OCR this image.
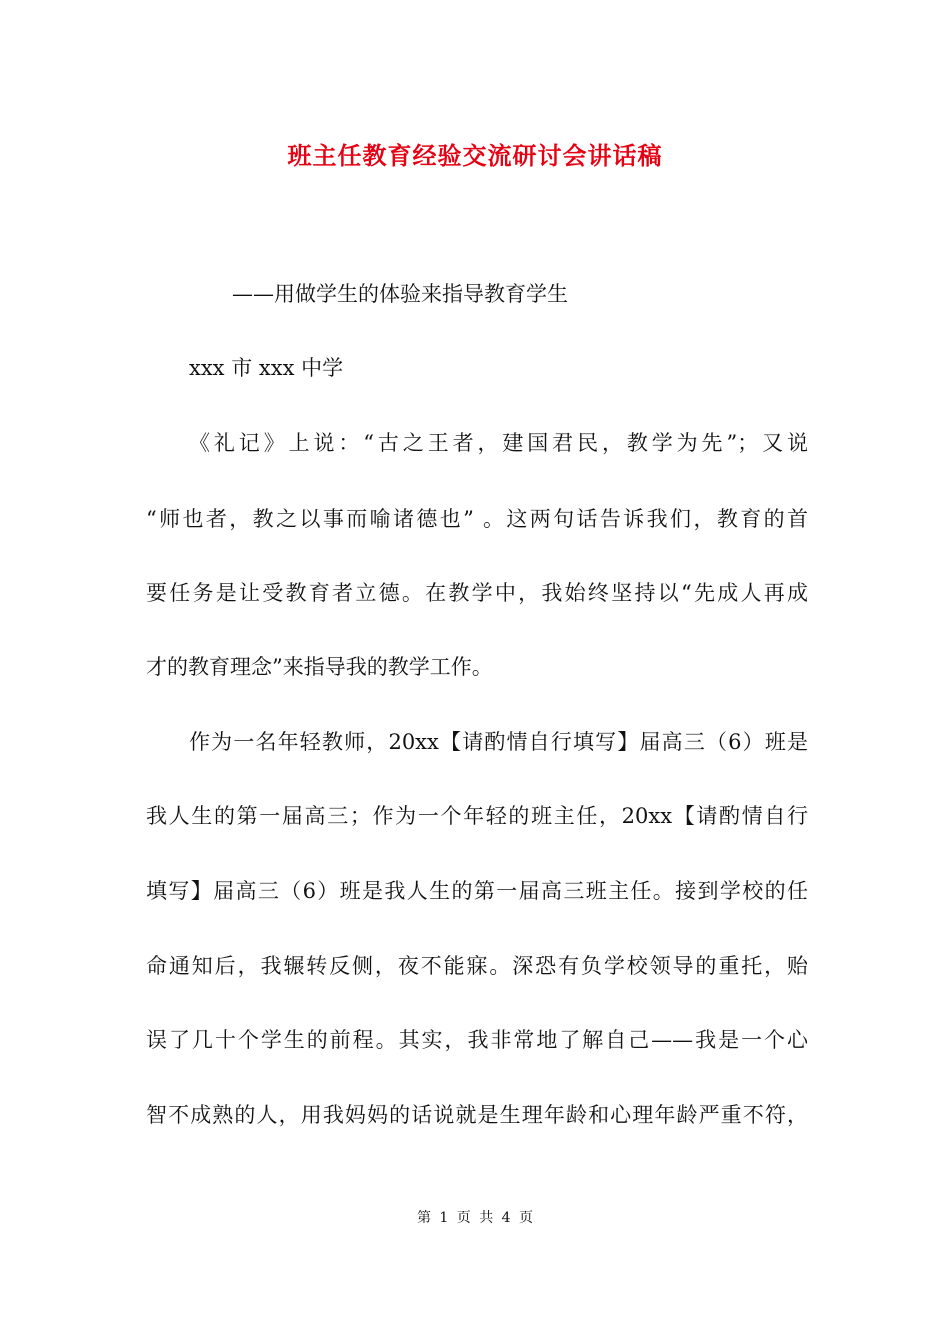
班主任教育经验交流研讨会讲话稿
——用做学生的体验来指导教育学生
xxx 市 xxx 中学
《礼记》上说：“古之王者，建国君民，教学为先”；又说
“师也者，教之以事而喻诸德也” 。这两句话告诉我们，教育的首
要任务是让受教育者立德。在教学中，我始终坚持以“先成人再成
才的教育理念”来指导我的教学工作。
作为一名年轻教师，20xx【请酌情自行填写】届高三（6）班是
我人生的第一届高三；作为一个年轻的班主任，20xx【请酌情自行
填写】届高三（6）班是我人生的第一届高三班主任。接到学校的任
命通知后，我辗转反侧，夜不能寐。深恐有负学校领导的重托，贻
误了几十个学生的前程。其实，我非常地了解自己——我是一个心
智不成熟的人，用我妈妈的话说就是生理年龄和心理年龄严重不符，
第 1 页 共 4 页
